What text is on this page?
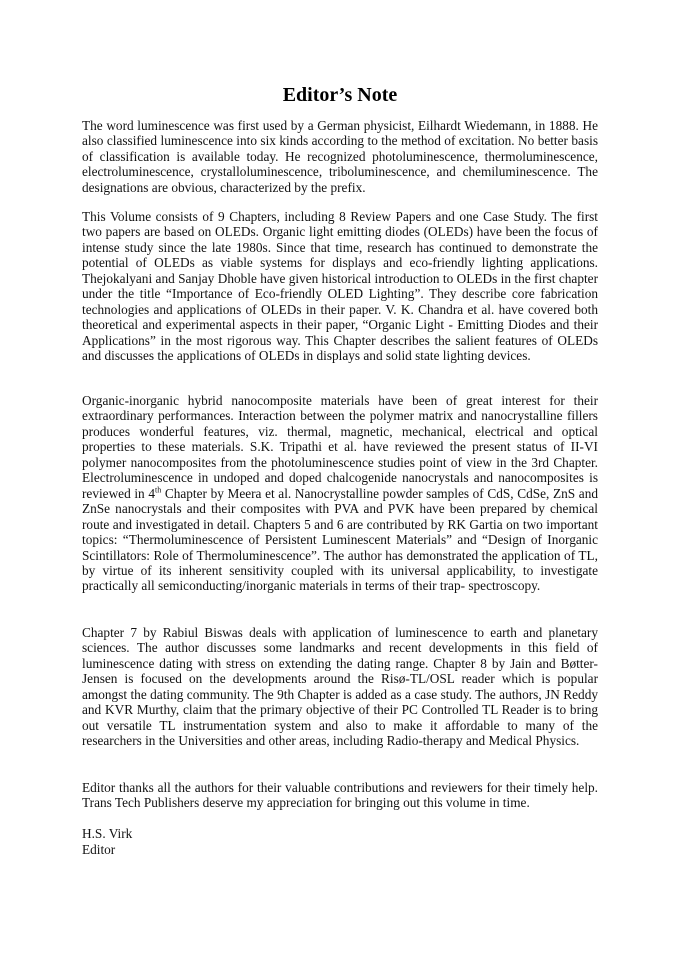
Editor’s Note

The word luminescence was first used by a German physicist, Eilhardt Wiedemann, in 1888. He also classified luminescence into six kinds according to the method of excitation. No better basis of classification is available today. He recognized photoluminescence, thermoluminescence, electroluminescence, crystalloluminescence, triboluminescence, and chemiluminescence. The designations are obvious, characterized by the prefix.

This Volume consists of 9 Chapters, including 8 Review Papers and one Case Study. The first two papers are based on OLEDs. Organic light emitting diodes (OLEDs) have been the focus of intense study since the late 1980s. Since that time, research has continued to demonstrate the potential of OLEDs as viable systems for displays and eco-friendly lighting applications. Thejokalyani and Sanjay Dhoble have given historical introduction to OLEDs in the first chapter under the title “Importance of Eco-friendly OLED Lighting”. They describe core fabrication technologies and applications of OLEDs in their paper. V. K. Chandra et al. have covered both theoretical and experimental aspects in their paper, “Organic Light - Emitting Diodes and their Applications” in the most rigorous way. This Chapter describes the salient features of OLEDs and discusses the applications of OLEDs in displays and solid state lighting devices.

Organic-inorganic hybrid nanocomposite materials have been of great interest for their extraordinary performances. Interaction between the polymer matrix and nanocrystalline fillers produces wonderful features, viz. thermal, magnetic, mechanical, electrical and optical properties to these materials. S.K. Tripathi et al. have reviewed the present status of II-VI polymer nanocomposites from the photoluminescence studies point of view in the 3rd Chapter. Electroluminescence in undoped and doped chalcogenide nanocrystals and nanocomposites is reviewed in 4th Chapter by Meera et al. Nanocrystalline powder samples of CdS, CdSe, ZnS and ZnSe nanocrystals and their composites with PVA and PVK have been prepared by chemical route and investigated in detail. Chapters 5 and 6 are contributed by RK Gartia on two important topics: “Thermoluminescence of Persistent Luminescent Materials” and “Design of Inorganic Scintillators: Role of Thermoluminescence”. The author has demonstrated the application of TL, by virtue of its inherent sensitivity coupled with its universal applicability, to investigate practically all semiconducting/inorganic materials in terms of their trap- spectroscopy.

Chapter 7 by Rabiul Biswas deals with application of luminescence to earth and planetary sciences. The author discusses some landmarks and recent developments in this field of luminescence dating with stress on extending the dating range. Chapter 8 by Jain and Bøtter-Jensen is focused on the developments around the Risø-TL/OSL reader which is popular amongst the dating community. The 9th Chapter is added as a case study. The authors, JN Reddy and KVR Murthy, claim that the primary objective of their PC Controlled TL Reader is to bring out versatile TL instrumentation system and also to make it affordable to many of the researchers in the Universities and other areas, including Radio-therapy and Medical Physics.

Editor thanks all the authors for their valuable contributions and reviewers for their timely help. Trans Tech Publishers deserve my appreciation for bringing out this volume in time.

H.S. Virk

Editor
